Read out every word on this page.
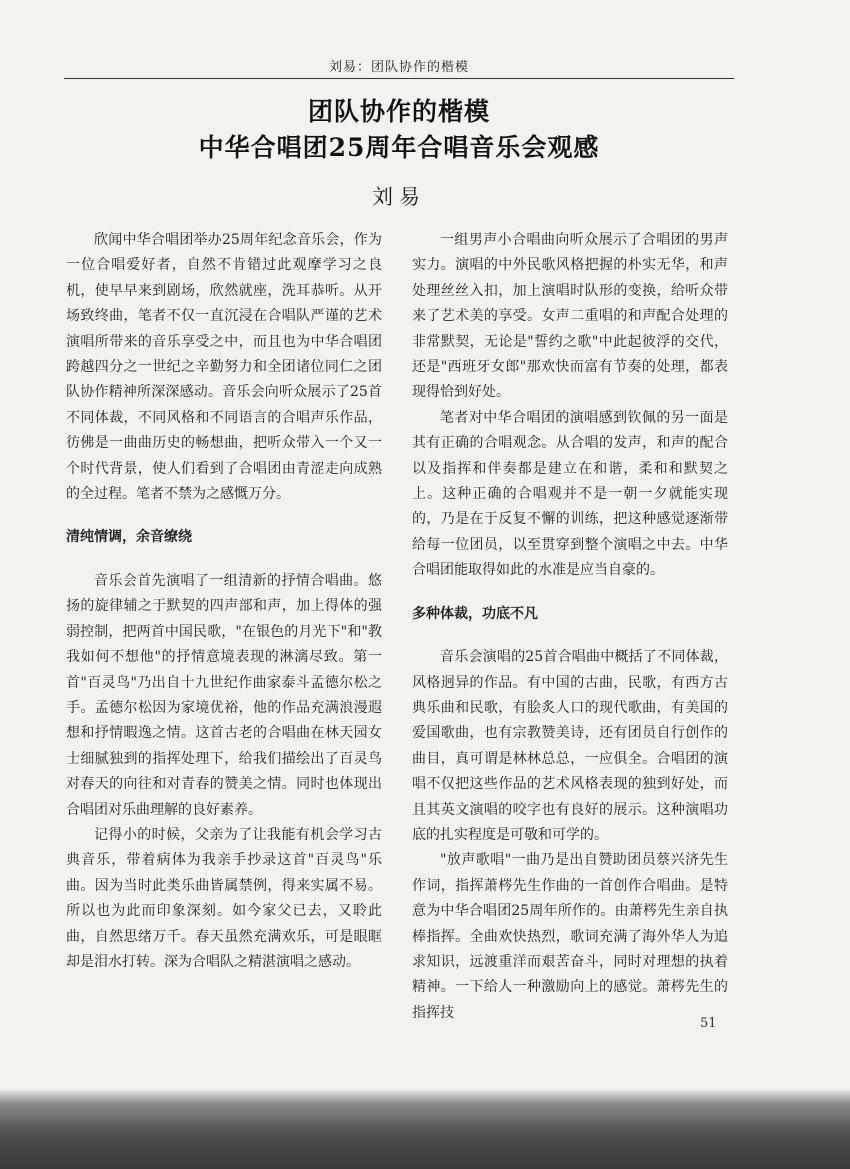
刘易：团队协作的楷模
团队协作的楷模
中华合唱团25周年合唱音乐会观感
刘易

欣闻中华合唱团举办25周年纪念音乐会，作为一位合唱爱好者，自然不肯错过此观摩学习之良机，使早早来到剧场，欣然就座，洗耳恭听。从开场致终曲，笔者不仅一直沉浸在合唱队严谨的艺术演唱所带来的音乐享受之中，而且也为中华合唱团跨越四分之一世纪之辛勤努力和全团诸位同仁之团队协作精神所深深感动。音乐会向听众展示了25首不同体裁，不同风格和不同语言的合唱声乐作品，彷佛是一曲曲历史的畅想曲，把听众带入一个又一个时代背景，使人们看到了合唱团由青涩走向成熟的全过程。笔者不禁为之感慨万分。

清纯情调，余音缭绕

音乐会首先演唱了一组清新的抒情合唱曲。悠扬的旋律辅之于默契的四声部和声，加上得体的强弱控制，把两首中国民歌，"在银色的月光下"和"教我如何不想他"的抒情意境表现的淋漓尽致。第一首"百灵鸟"乃出自十九世纪作曲家泰斗孟德尔松之手。孟德尔松因为家境优裕，他的作品充满浪漫遐想和抒情暇逸之情。这首古老的合唱曲在林天园女士细腻独到的指挥处理下，给我们描绘出了百灵鸟对春天的向往和对青春的赞美之情。同时也体现出合唱团对乐曲理解的良好素养。

记得小的时候，父亲为了让我能有机会学习古典音乐，带着病体为我亲手抄录这首"百灵鸟"乐曲。因为当时此类乐曲皆属禁例，得来实属不易。所以也为此而印象深刻。如今家父已去，又聆此曲，自然思绪万千。春天虽然充满欢乐，可是眼眶却是泪水打转。深为合唱队之精湛演唱之感动。

一组男声小合唱曲向听众展示了合唱团的男声实力。演唱的中外民歌风格把握的朴实无华，和声处理丝丝入扣，加上演唱时队形的变换，给听众带来了艺术美的享受。女声二重唱的和声配合处理的非常默契，无论是"誓约之歌"中此起彼浮的交代，还是"西班牙女郎"那欢快而富有节奏的处理，都表现得恰到好处。

笔者对中华合唱团的演唱感到钦佩的另一面是其有正确的合唱观念。从合唱的发声，和声的配合以及指挥和伴奏都是建立在和谐，柔和和默契之上。这种正确的合唱观并不是一朝一夕就能实现的，乃是在于反复不懈的训练，把这种感觉逐渐带给每一位团员，以至贯穿到整个演唱之中去。中华合唱团能取得如此的水准是应当自豪的。

多种体裁，功底不凡

音乐会演唱的25首合唱曲中概括了不同体裁，风格迥异的作品。有中国的古曲，民歌，有西方古典乐曲和民歌，有脍炙人口的现代歌曲，有美国的爱国歌曲，也有宗教赞美诗，还有团员自行创作的曲目，真可谓是林林总总，一应俱全。合唱团的演唱不仅把这些作品的艺术风格表现的独到好处，而且其英文演唱的咬字也有良好的展示。这种演唱功底的扎实程度是可敬和可学的。

"放声歌唱"一曲乃是出自赞助团员蔡兴济先生作词，指挥萧梣先生作曲的一首创作合唱曲。是特意为中华合唱团25周年所作的。由萧梣先生亲自执棒指挥。全曲欢快热烈，歌词充满了海外华人为追求知识，远渡重洋而艰苦奋斗，同时对理想的执着精神。一下给人一种激励向上的感觉。萧梣先生的指挥技

51
